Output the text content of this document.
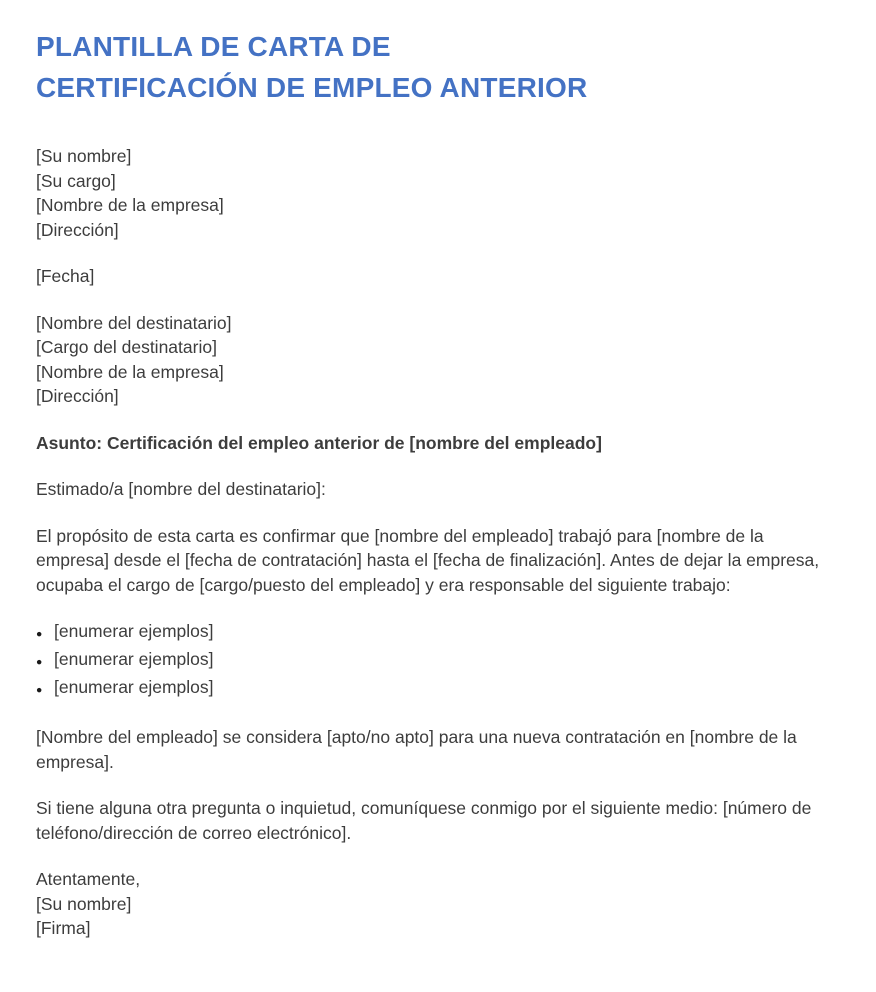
PLANTILLA DE CARTA DE
CERTIFICACIÓN DE EMPLEO ANTERIOR
[Su nombre]
[Su cargo]
[Nombre de la empresa]
[Dirección]
[Fecha]
[Nombre del destinatario]
[Cargo del destinatario]
[Nombre de la empresa]
[Dirección]

Asunto: Certificación del empleo anterior de [nombre del empleado]

Estimado/a [nombre del destinatario]:

El propósito de esta carta es confirmar que [nombre del empleado] trabajó para [nombre de la empresa] desde el [fecha de contratación] hasta el [fecha de finalización]. Antes de dejar la empresa, ocupaba el cargo de [cargo/puesto del empleado] y era responsable del siguiente trabajo:

● [enumerar ejemplos]
● [enumerar ejemplos]
● [enumerar ejemplos]

[Nombre del empleado] se considera [apto/no apto] para una nueva contratación en [nombre de la empresa].

Si tiene alguna otra pregunta o inquietud, comuníquese conmigo por el siguiente medio: [número de teléfono/dirección de correo electrónico].

Atentamente,
[Su nombre]
[Firma]
